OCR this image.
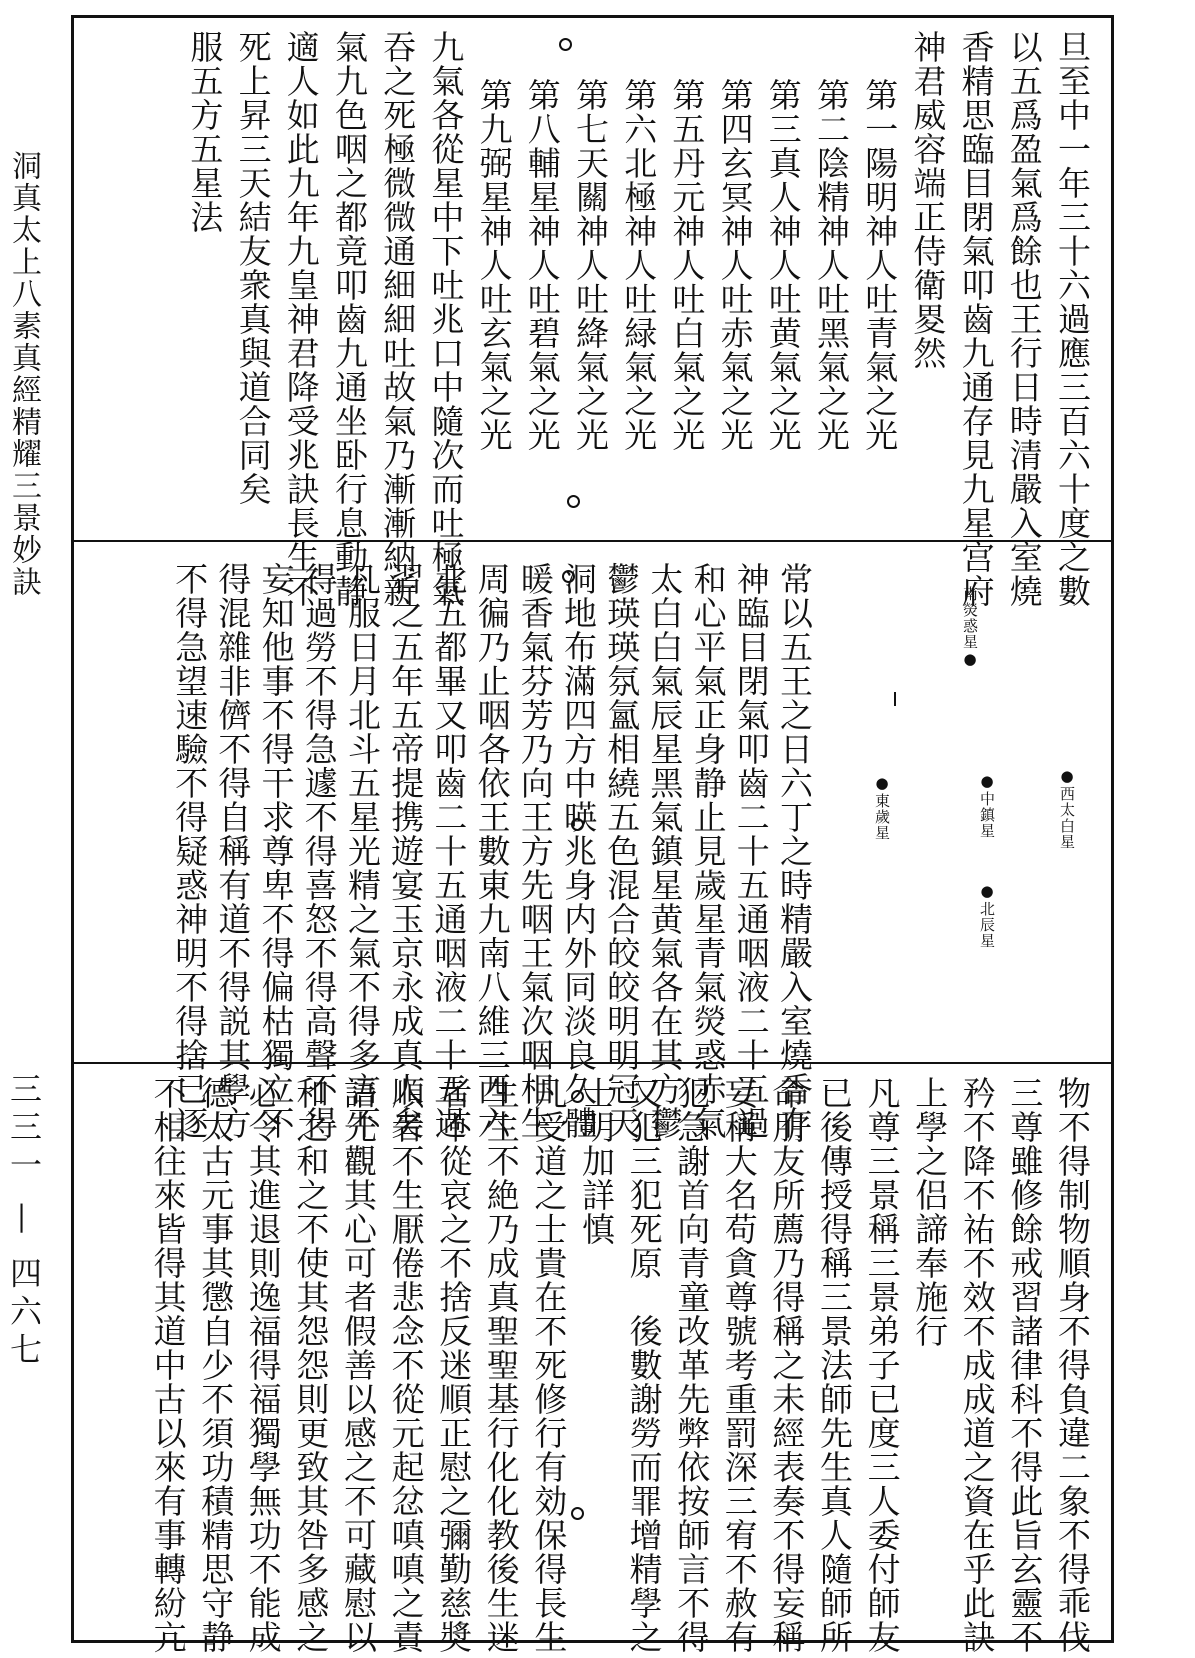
洞真太上八素真經精耀三景妙訣
三三一 — 四六七
旦至中一年三十六過應三百六十度之數
以五爲盈氣爲餘也王行日時清嚴入室燒
香精思臨目閉氣叩齒九通存見九星宫府
神君威容端正侍衛畟然
第一陽明神人吐青氣之光
第二陰精神人吐黑氣之光
第三真人神人吐黄氣之光
第四玄冥神人吐赤氣之光
第五丹元神人吐白氣之光
第六北極神人吐緑氣之光
第七天關神人吐絳氣之光
第八輔星神人吐碧氣之光
第九弼星神人吐玄氣之光
九氣各從星中下吐兆口中隨次而吐極氣
吞之死極微微通細細吐故氣乃漸漸納新
氣九色咽之都竟叩齒九通坐卧行息動静
適人如此九年九皇神君降受兆訣長生不
死上昇三天結友衆真與道合同矣
服五方五星法
常以五王之日六丁之時精嚴入室燒香存
神臨目閉氣叩齒二十五通咽液二十五過
和心平氣正身静止見歲星青氣熒惑赤氣
太白白氣辰星黑氣鎮星黄氣各在其方鬱
鬱瑛瑛氛氳相繞五色混合皎皎明明冠天
洞地布滿四方中暎兆身内外同淡良久體
暖香氣芬芳乃向王方先咽王氣次咽相生
周徧乃止咽各依王數東九南八維三西六
北五都畢又叩齒二十五通咽液二十五過
習之五年五帝提携遊宴玉京永成真人矣
凡服日月北斗五星光精之氣不得多言不
得過勞不得急遽不得喜怒不得高聲不得
妄知他事不得干求尊卑不得偏枯獨立不
得混雜非儕不得自稱有道不得説其學方
不得急望速驗不得疑惑神明不得捨已逐	南熒惑星●
●西太白星
●中鎮星
●北辰星
●東歲星
物不得制物順身不得負違二象不得乖伐
三尊雖修餘戒習諸律科不得此旨玄靈不
矜不降不祐不效不成成道之資在乎此訣
上學之侣諦奉施行
凡尊三景稱三景弟子已度三人委付師友
已後傳授得稱三景法師先生真人隨師所
命朋友所薦乃得稱之未經表奏不得妄稱
妄稱大名苟貪尊號考重罰深三宥不赦有
犯急謝首向青童改革先弊依按師言不得
又犯三犯死原　後數謝勞而罪增精學之
士明加詳慎
凡受道之士貴在不死修行有効保得長生
生生不絶乃成真聖聖基行化化教後生迷
者不從哀之不捨反迷順正慰之彌勤慈奬
順者不生厭倦悲念不從元起忿嗔嗔之責
語先觀其心可者假善以感之不可藏慰以
和之和之不使其怨怨則更致其咎多感之
必令其進退則逸福得福獨學無功不能成
德太古元事其懲自少不須功積精思守静
不相往來皆得其道中古以來有事轉紛亢
